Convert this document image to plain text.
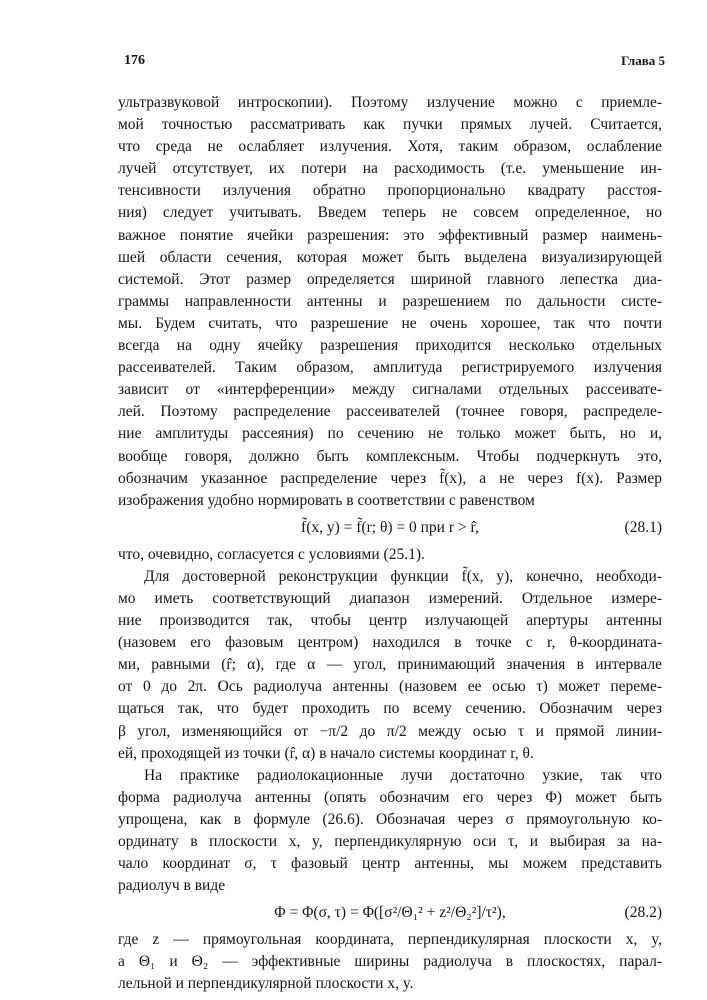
176	Глава 5
ультразвуковой интроскопии). Поэтому излучение можно с приемле-
мой точностью рассматривать как пучки прямых лучей. Считается,
что среда не ослабляет излучения. Хотя, таким образом, ослабление
лучей отсутствует, их потери на расходимость (т.е. уменьшение ин-
тенсивности излучения обратно пропорционально квадрату расстоя-
ния) следует учитывать. Введем теперь не совсем определенное, но
важное понятие ячейки разрешения: это эффективный размер наимень-
шей области сечения, которая может быть выделена визуализирующей
системой. Этот размер определяется шириной главного лепестка диа-
граммы направленности антенны и разрешением по дальности систе-
мы. Будем считать, что разрешение не очень хорошее, так что почти
всегда на одну ячейку разрешения приходится несколько отдельных
рассеивателей. Таким образом, амплитуда регистрируемого излучения
зависит от «интерференции» между сигналами отдельных рассеивате-
лей. Поэтому распределение рассеивателей (точнее говоря, распределе-
ние амплитуды рассеяния) по сечению не только может быть, но и,
вообще говоря, должно быть комплексным. Чтобы подчеркнуть это,
обозначим указанное распределение через f̃(x), а не через f(x). Размер
изображения удобно нормировать в соответствии с равенством
f̃(x, y) = f̃(r; θ) = 0 при r > r̂,	(28.1)
что, очевидно, согласуется с условиями (25.1).
Для достоверной реконструкции функции f̃(x, y), конечно, необходи-
мо иметь соответствующий диапазон измерений. Отдельное измере-
ние производится так, чтобы центр излучающей апертуры антенны
(назовем его фазовым центром) находился в точке с r, θ-координата-
ми, равными (r̂; α), где α — угол, принимающий значения в интервале
от 0 до 2π. Ось радиолуча антенны (назовем ее осью τ) может переме-
щаться так, что будет проходить по всему сечению. Обозначим через
β угол, изменяющийся от −π/2 до π/2 между осью τ и прямой линии-
ей, проходящей из точки (r̂, α) в начало системы координат r, θ.
На практике радиолокационные лучи достаточно узкие, так что
форма радиолуча антенны (опять обозначим его через Φ) может быть
упрощена, как в формуле (26.6). Обозначая через σ прямоугольную ко-
ординату в плоскости x, y, перпендикулярную оси τ, и выбирая за на-
чало координат σ, τ фазовый центр антенны, мы можем представить
радиолуч в виде
Φ = Φ(σ, τ) = Φ([σ²/Θ₁² + z²/Θ₂²]/τ²),	(28.2)
где z — прямоугольная координата, перпендикулярная плоскости x, y,
а Θ₁ и Θ₂ — эффективные ширины радиолуча в плоскостях, парал-
лельной и перпендикулярной плоскости x, y.
